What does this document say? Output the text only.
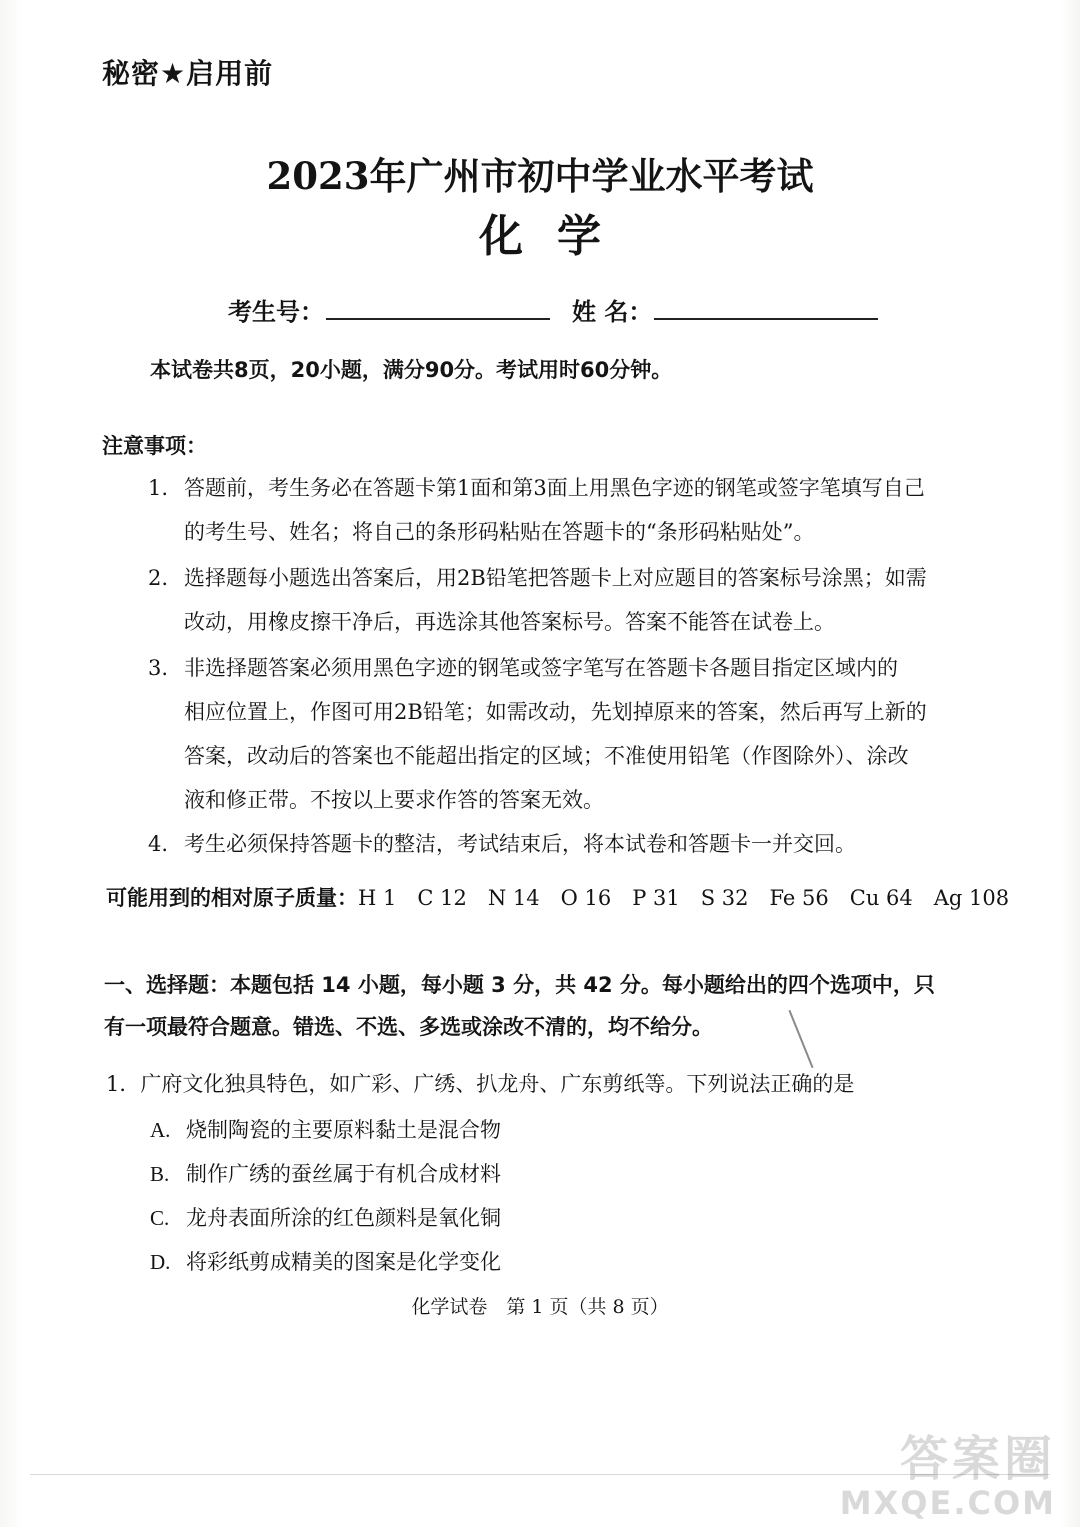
秘密★启用前
2023年广州市初中学业水平考试
化学
考生号：	姓 名：
本试卷共8页，20小题，满分90分。考试用时60分钟。
注意事项：
1. 答题前，考生务必在答题卡第1面和第3面上用黑色字迹的钢笔或签字笔填写自己
的考生号、姓名；将自己的条形码粘贴在答题卡的“条形码粘贴处”。
2. 选择题每小题选出答案后，用2B铅笔把答题卡上对应题目的答案标号涂黑；如需
改动，用橡皮擦干净后，再选涂其他答案标号。答案不能答在试卷上。
3. 非选择题答案必须用黑色字迹的钢笔或签字笔写在答题卡各题目指定区域内的
相应位置上，作图可用2B铅笔；如需改动，先划掉原来的答案，然后再写上新的
答案，改动后的答案也不能超出指定的区域；不准使用铅笔（作图除外）、涂改
液和修正带。不按以上要求作答的答案无效。
4. 考生必须保持答题卡的整洁，考试结束后，将本试卷和答题卡一并交回。
可能用到的相对原子质量：H 1　C 12　N 14　O 16　P 31　S 32　Fe 56　Cu 64　Ag 108
一、选择题：本题包括 14 小题，每小题 3 分，共 42 分。每小题给出的四个选项中，只
有一项最符合题意。错选、不选、多选或涂改不清的，均不给分。
1．广府文化独具特色，如广彩、广绣、扒龙舟、广东剪纸等。下列说法正确的是
A. 烧制陶瓷的主要原料黏土是混合物
B. 制作广绣的蚕丝属于有机合成材料
C. 龙舟表面所涂的红色颜料是氧化铜
D. 将彩纸剪成精美的图案是化学变化
化学试卷　第 1 页（共 8 页）
答案圈
MXQE.COM
